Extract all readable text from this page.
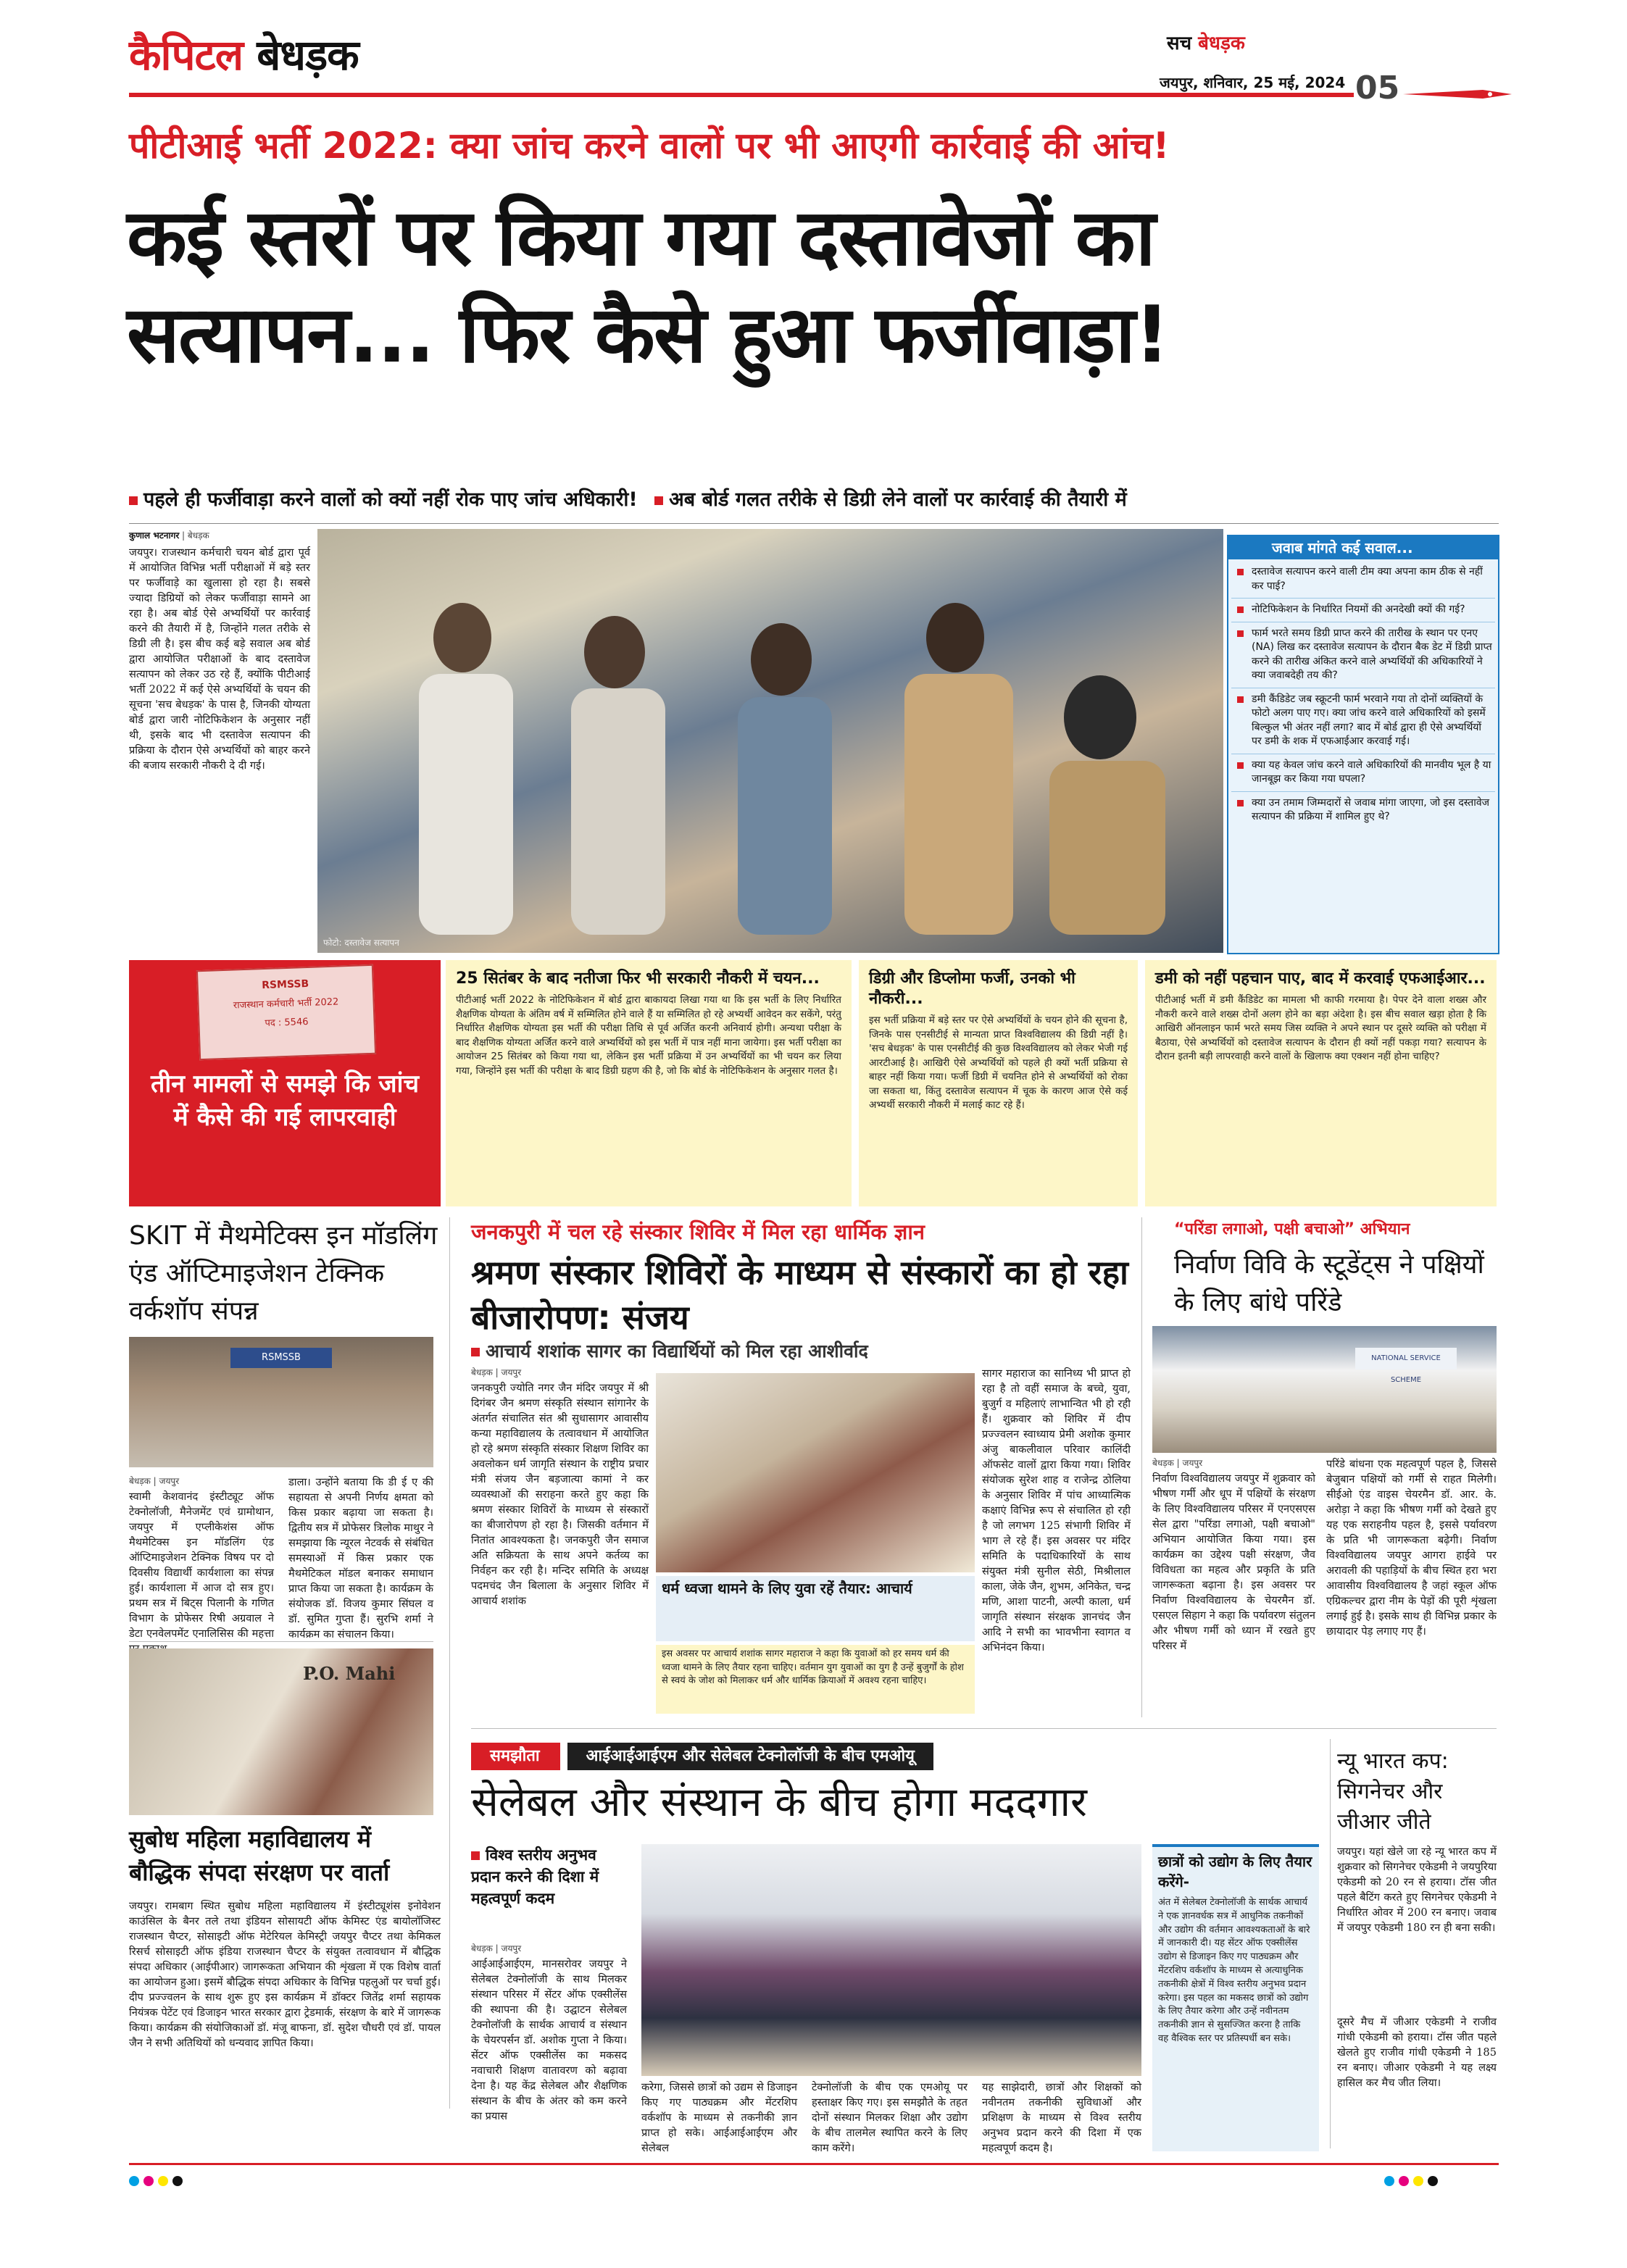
कैपिटल बेधड़क	सच बेधड़क
जयपुर, शनिवार, 25 मई, 2024 05
पीटीआई भर्ती 2022: क्या जांच करने वालों पर भी आएगी कार्रवाई की आंच!
कई स्तरों पर किया गया दस्तावेजों का
सत्यापन... फिर कैसे हुआ फर्जीवाड़ा!
पहले ही फर्जीवाड़ा करने वालों को क्यों नहीं रोक पाए जांच अधिकारी! अब बोर्ड गलत तरीके से डिग्री लेने वालों पर कार्रवाई की तैयारी में
कुणाल भटनागर | बेधड़क
जयपुर। राजस्थान कर्मचारी चयन बोर्ड द्वारा पूर्व में आयोजित विभिन्न भर्ती परीक्षाओं में बड़े स्तर पर फर्जीवाड़े का खुलासा हो रहा है। सबसे ज्यादा डिग्रियों को लेकर फर्जीवाड़ा सामने आ रहा है। अब बोर्ड ऐसे अभ्यर्थियों पर कार्रवाई करने की तैयारी में है, जिन्होंने गलत तरीके से डिग्री ली है। इस बीच कई बड़े सवाल अब बोर्ड द्वारा आयोजित परीक्षाओं के बाद दस्तावेज सत्यापन को लेकर उठ रहे हैं, क्योंकि पीटीआई भर्ती 2022 में कई ऐसे अभ्यर्थियों के चयन की सूचना 'सच बेधड़क' के पास है, जिनकी योग्यता बोर्ड द्वारा जारी नोटिफिकेशन के अनुसार नहीं थी, इसके बाद भी दस्तावेज सत्यापन की प्रक्रिया के दौरान ऐसे अभ्यर्थियों को बाहर करने की बजाय सरकारी नौकरी दे दी गई।
फोटो: दस्तावेज सत्यापन
जवाब मांगते कई सवाल...
दस्तावेज सत्यापन करने वाली टीम क्या अपना काम ठीक से नहीं कर पाई?
नोटिफिकेशन के निर्धारित नियमों की अनदेखी क्यों की गई?
फार्म भरते समय डिग्री प्राप्त करने की तारीख के स्थान पर एनए (NA) लिख कर दस्तावेज सत्यापन के दौरान बैक डेट में डिग्री प्राप्त करने की तारीख अंकित करने वाले अभ्यर्थियों की अधिकारियों ने क्या जवाबदेही तय की?
डमी कैंडिडेट जब स्क्रूटनी फार्म भरवाने गया तो दोनों व्यक्तियों के फोटो अलग पाए गए। क्या जांच करने वाले अधिकारियों को इसमें बिल्कुल भी अंतर नहीं लगा? बाद में बोर्ड द्वारा ही ऐसे अभ्यर्थियों पर डमी के शक में एफआईआर करवाई गई।
क्या यह केवल जांच करने वाले अधिकारियों की मानवीय भूल है या जानबूझ कर किया गया घपला?
क्या उन तमाम जिम्मदारों से जवाब मांगा जाएगा, जो इस दस्तावेज सत्यापन की प्रक्रिया में शामिल हुए थे?
RSMSSB
राजस्थान कर्मचारी भर्ती 2022
पद : 5546
तीन मामलों से समझे कि जांच में कैसे की गई लापरवाही
25 सितंबर के बाद नतीजा फिर भी सरकारी नौकरी में चयन...
पीटीआई भर्ती 2022 के नोटिफिकेशन में बोर्ड द्वारा बाकायदा लिखा गया था कि इस भर्ती के लिए निर्धारित शैक्षणिक योग्यता के अंतिम वर्ष में सम्मिलित होने वाले हैं या सम्मिलित हो रहे अभ्यर्थी आवेदन कर सकेंगे, परंतु निर्धारित शैक्षणिक योग्यता इस भर्ती की परीक्षा तिथि से पूर्व अर्जित करनी अनिवार्य होगी। अन्यथा परीक्षा के बाद शैक्षणिक योग्यता अर्जित करने वाले अभ्यर्थियों को इस भर्ती में पात्र नहीं माना जायेगा। इस भर्ती परीक्षा का आयोजन 25 सितंबर को किया गया था, लेकिन इस भर्ती प्रक्रिया में उन अभ्यर्थियों का भी चयन कर लिया गया, जिन्होंने इस भर्ती की परीक्षा के बाद डिग्री ग्रहण की है, जो कि बोर्ड के नोटिफिकेशन के अनुसार गलत है।
डिग्री और डिप्लोमा फर्जी, उनको भी नौकरी...
इस भर्ती प्रक्रिया में बड़े स्तर पर ऐसे अभ्यर्थियों के चयन होने की सूचना है, जिनके पास एनसीटीई से मान्यता प्राप्त विश्वविद्यालय की डिग्री नहीं है। 'सच बेधड़क' के पास एनसीटीई की कुछ विश्वविद्यालय को लेकर भेजी गई आरटीआई है। आखिरी ऐसे अभ्यर्थियों को पहले ही क्यों भर्ती प्रक्रिया से बाहर नहीं किया गया। फर्जी डिग्री में चयनित होने से अभ्यर्थियों को रोका जा सकता था, किंतु दस्तावेज सत्यापन में चूक के कारण आज ऐसे कई अभ्यर्थी सरकारी नौकरी में मलाई काट रहे हैं।
डमी को नहीं पहचान पाए, बाद में करवाई एफआईआर...
पीटीआई भर्ती में डमी कैंडिडेट का मामला भी काफी गरमाया है। पेपर देने वाला शख्स और नौकरी करने वाले शख्स दोनों अलग होने का बड़ा अंदेशा है। इस बीच सवाल खड़ा होता है कि आखिरी ऑनलाइन फार्म भरते समय जिस व्यक्ति ने अपने स्थान पर दूसरे व्यक्ति को परीक्षा में बैठाया, ऐसे अभ्यर्थियों को दस्तावेज सत्यापन के दौरान ही क्यों नहीं पकड़ा गया? सत्यापन के दौरान इतनी बड़ी लापरवाही करने वालों के खिलाफ क्या एक्शन नहीं होना चाहिए?
SKIT में मैथमेटिक्स इन मॉडलिंग एंड ऑप्टिमाइजेशन टेक्निक वर्कशॉप संपन्न
RSMSSB
बेधड़क | जयपुर
स्वामी केशवानंद इंस्टीट्यूट ऑफ टेक्नोलॉजी, मैनेजमेंट एवं ग्रामोथान, जयपुर में एप्लीकेशंस ऑफ मैथमेटिक्स इन मॉडलिंग एंड ऑप्टिमाइजेशन टेक्निक विषय पर दो दिवसीय विद्यार्थी कार्यशाला का संपन्न हुई। कार्यशाला में आज दो सत्र हुए। प्रथम सत्र में बिट्स पिलानी के गणित विभाग के प्रोफेसर रिषी अग्रवाल ने डेटा एनवेलपमेंट एनालिसिस की महत्ता
डाला। उन्होंने बताया कि डी ई ए की सहायता से अपनी निर्णय क्षमता को किस प्रकार बढ़ाया जा सकता है। द्वितीय सत्र में प्रोफेसर त्रिलोक माथुर ने समझाया कि न्यूरल नेटवर्क से संबंधित समस्याओं में किस प्रकार एक मैथमेटिकल मॉडल बनाकर समाधान प्राप्त किया जा सकता है। कार्यक्रम के संयोजक डॉ. विजय कुमार सिंघल व डॉ. सुमित गुप्ता हैं। सुरभि शर्मा ने कार्यक्रम का संचालन किया।
P.O. Mahi
सुबोध महिला महाविद्यालय में बौद्धिक संपदा संरक्षण पर वार्ता
जयपुर। रामबाग स्थित सुबोध महिला महाविद्यालय में इंस्टीट्यूशंस इनोवेशन काउंसिल के बैनर तले तथा इंडियन सोसायटी ऑफ केमिस्ट एंड बायोलॉजिस्ट राजस्थान चैप्टर, सोसाइटी ऑफ मेटेरियल केमिस्ट्री जयपुर चैप्टर तथा केमिकल रिसर्च सोसाइटी ऑफ इंडिया राजस्थान चैप्टर के संयुक्त तत्वावधान में बौद्धिक संपदा अधिकार (आईपीआर) जागरूकता अभियान की शृंखला में एक विशेष वार्ता का आयोजन हुआ। इसमें बौद्धिक संपदा अधिकार के विभिन्न पहलुओं पर चर्चा हुई। दीप प्रज्ज्वलन के साथ शुरू हुए इस कार्यक्रम में डॉक्टर जितेंद्र शर्मा सहायक नियंत्रक पेटेंट एवं डिजाइन भारत सरकार द्वारा ट्रेडमार्क, संरक्षण के बारे में जागरूक किया। कार्यक्रम की संयोजिकाओं डॉ. मंजू बाफना, डॉ. सुदेश चौधरी एवं डॉ. पायल जैन ने सभी अतिथियों को धन्यवाद ज्ञापित किया।
जनकपुरी में चल रहे संस्कार शिविर में मिल रहा धार्मिक ज्ञान
श्रमण संस्कार शिविरों के माध्यम से संस्कारों का हो रहा बीजारोपण: संजय
आचार्य शशांक सागर का विद्यार्थियों को मिल रहा आशीर्वाद
बेधड़क | जयपुर
जनकपुरी ज्योति नगर जैन मंदिर जयपुर में श्री दिगंबर जैन श्रमण संस्कृति संस्थान सांगानेर के अंतर्गत संचालित संत श्री सुधासागर आवासीय कन्या महाविद्यालय के तत्वावधान में आयोजित हो रहे श्रमण संस्कृति संस्कार शिक्षण शिविर का अवलोकन धर्म जागृति संस्थान के राष्ट्रीय प्रचार मंत्री संजय जैन बड़जात्या कामां ने कर व्यवस्थाओं की सराहना करते हुए कहा कि श्रमण संस्कार शिविरों के माध्यम से संस्कारों का बीजारोपण हो रहा है। जिसकी वर्तमान में नितांत आवश्यकता है। जनकपुरी जैन समाज अति सक्रियता के साथ अपने कर्तव्य का निर्वहन कर रही है। मन्दिर समिति के अध्यक्ष पदमचंद जैन बिलाला के अनुसार शिविर में आचार्य शशांक
धर्म ध्वजा थामने के लिए युवा रहें तैयार: आचार्य
इस अवसर पर आचार्य शशांक सागर महाराज ने कहा कि युवाओं को हर समय धर्म की ध्वजा थामने के लिए तैयार रहना चाहिए। वर्तमान युग युवाओं का युग है उन्हें बुजुर्गों के होश से स्वयं के जोश को मिलाकर धर्म और धार्मिक क्रियाओं में अवश्य रहना चाहिए।
सागर महाराज का सानिध्य भी प्राप्त हो रहा है तो वहीं समाज के बच्चे, युवा, बुजुर्ग व महिलाएं लाभान्वित भी हो रही हैं। शुक्रवार को शिविर में दीप प्रज्ज्वलन स्वाध्याय प्रेमी अशोक कुमार अंजु बाकलीवाल परिवार कालिंदी ऑफसेट वालों द्वारा किया गया। शिविर संयोजक सुरेश शाह व राजेन्द्र ठोलिया के अनुसार शिविर में पांच आध्यात्मिक कक्षाएं विभिन्न रूप से संचालित हो रही है जो लगभग 125 संभागी शिविर में भाग ले रहे हैं। इस अवसर पर मंदिर समिति के पदाधिकारियों के साथ संयुक्त मंत्री सुनील सेठी, मिश्रीलाल काला, जेके जैन, शुभम, अनिकेत, चन्द्र मणि, आशा पाटनी, अल्पी काला, धर्म जागृति संस्थान संरक्षक ज्ञानचंद जैन आदि ने सभी का भावभीना स्वागत व अभिनंदन किया।
“परिंडा लगाओ, पक्षी बचाओ” अभियान
निर्वाण विवि के स्टूडेंट्स ने पक्षियों के लिए बांधे परिंडे
NATIONAL SERVICE SCHEME
बेधड़क | जयपुर
निर्वाण विश्वविद्यालय जयपुर में शुक्रवार को भीषण गर्मी और धूप में पक्षियों के संरक्षण के लिए विश्वविद्यालय परिसर में एनएसएस सेल द्वारा "परिंडा लगाओ, पक्षी बचाओ" अभियान आयोजित किया गया। इस कार्यक्रम का उद्देश्य पक्षी संरक्षण, जैव विविधता का महत्व और प्रकृति के प्रति जागरूकता बढ़ाना है। इस अवसर पर निर्वाण विश्वविद्यालय के चेयरमैन डॉ. एसएल सिहाग ने कहा कि पर्यावरण संतुलन और भीषण गर्मी को ध्यान में रखते हुए परिसर में
परिंडे बांधना एक महत्वपूर्ण पहल है, जिससे बेजुबान पक्षियों को गर्मी से राहत मिलेगी। सीईओ एंड वाइस चेयरमैन डॉ. आर. के. अरोड़ा ने कहा कि भीषण गर्मी को देखते हुए यह एक सराहनीय पहल है, इससे पर्यावरण के प्रति भी जागरूकता बढ़ेगी। निर्वाण विश्वविद्यालय जयपुर आगरा हाईवे पर अरावली की पहाड़ियों के बीच स्थित हरा भरा आवासीय विश्वविद्यालय है जहां स्कूल ऑफ एग्रिकल्चर द्वारा नीम के पेड़ों की पूरी शृंखला लगाई हुई है। इसके साथ ही विभिन्न प्रकार के छायादार पेड़ लगाए गए हैं।
समझौता	आईआईआईएम और सेलेबल टेक्नोलॉजी के बीच एमओयू
सेलेबल और संस्थान के बीच होगा मददगार
विश्व स्तरीय अनुभव प्रदान करने की दिशा में महत्वपूर्ण कदम
बेधड़क | जयपुर
आईआईआईएम, मानसरोवर जयपुर ने सेलेबल टेक्नोलॉजी के साथ मिलकर संस्थान परिसर में सेंटर ऑफ एक्सीलेंस की स्थापना की है। उद्घाटन सेलेबल टेक्नोलॉजी के सार्थक आचार्य व संस्थान के चेयरपर्सन डॉ. अशोक गुप्ता ने किया। सेंटर ऑफ एक्सीलेंस का मकसद नवाचारी शिक्षण वातावरण को बढ़ावा देना है। यह केंद्र सेलेबल और शैक्षणिक संस्थान के बीच के अंतर को कम करने का प्रयास
करेगा, जिससे छात्रों को उद्यम से डिजाइन किए गए पाठ्यक्रम और मेंटरशिप वर्कशॉप के माध्यम से तकनीकी ज्ञान प्राप्त हो सके। आईआईआईएम और सेलेबल
टेक्नोलॉजी के बीच एक एमओयू पर हस्ताक्षर किए गए। इस समझौते के तहत दोनों संस्थान मिलकर शिक्षा और उद्योग के बीच तालमेल स्थापित करने के लिए काम करेंगे।
यह साझेदारी, छात्रों और शिक्षकों को नवीनतम तकनीकी सुविधाओं और प्रशिक्षण के माध्यम से विश्व स्तरीय अनुभव प्रदान करने की दिशा में एक महत्वपूर्ण कदम है।
छात्रों को उद्योग के लिए तैयार करेंगे-
अंत में सेलेबल टेक्नोलॉजी के सार्थक आचार्य ने एक ज्ञानवर्धक सत्र में आधुनिक तकनीकों और उद्योग की वर्तमान आवश्यकताओं के बारे में जानकारी दी। यह सेंटर ऑफ एक्सीलेंस उद्योग से डिजाइन किए गए पाठ्यक्रम और मेंटरशिप वर्कशॉप के माध्यम से अत्याधुनिक तकनीकी क्षेत्रों में विश्व स्तरीय अनुभव प्रदान करेगा। इस पहल का मकसद छात्रों को उद्योग के लिए तैयार करेगा और उन्हें नवीनतम तकनीकी ज्ञान से सुसज्जित करना है ताकि वह वैश्विक स्तर पर प्रतिस्पर्धी बन सके।
न्यू भारत कप: सिगनेचर और जीआर जीते
जयपुर। यहां खेले जा रहे न्यू भारत कप में शुक्रवार को सिगनेचर एकेडमी ने जयपुरिया एकेडमी को 20 रन से हराया। टॉस जीत पहले बैटिंग करते हुए सिगनेचर एकेडमी ने निर्धारित ओवर में 200 रन बनाए। जवाब में जयपुर एकेडमी 180 रन ही बना सकी।
दूसरे मैच में जीआर एकेडमी ने राजीव गांधी एकेडमी को हराया। टॉस जीत पहले खेलते हुए राजीव गांधी एकेडमी ने 185 रन बनाए। जीआर एकेडमी ने यह लक्ष्य हासिल कर मैच जीत लिया।
